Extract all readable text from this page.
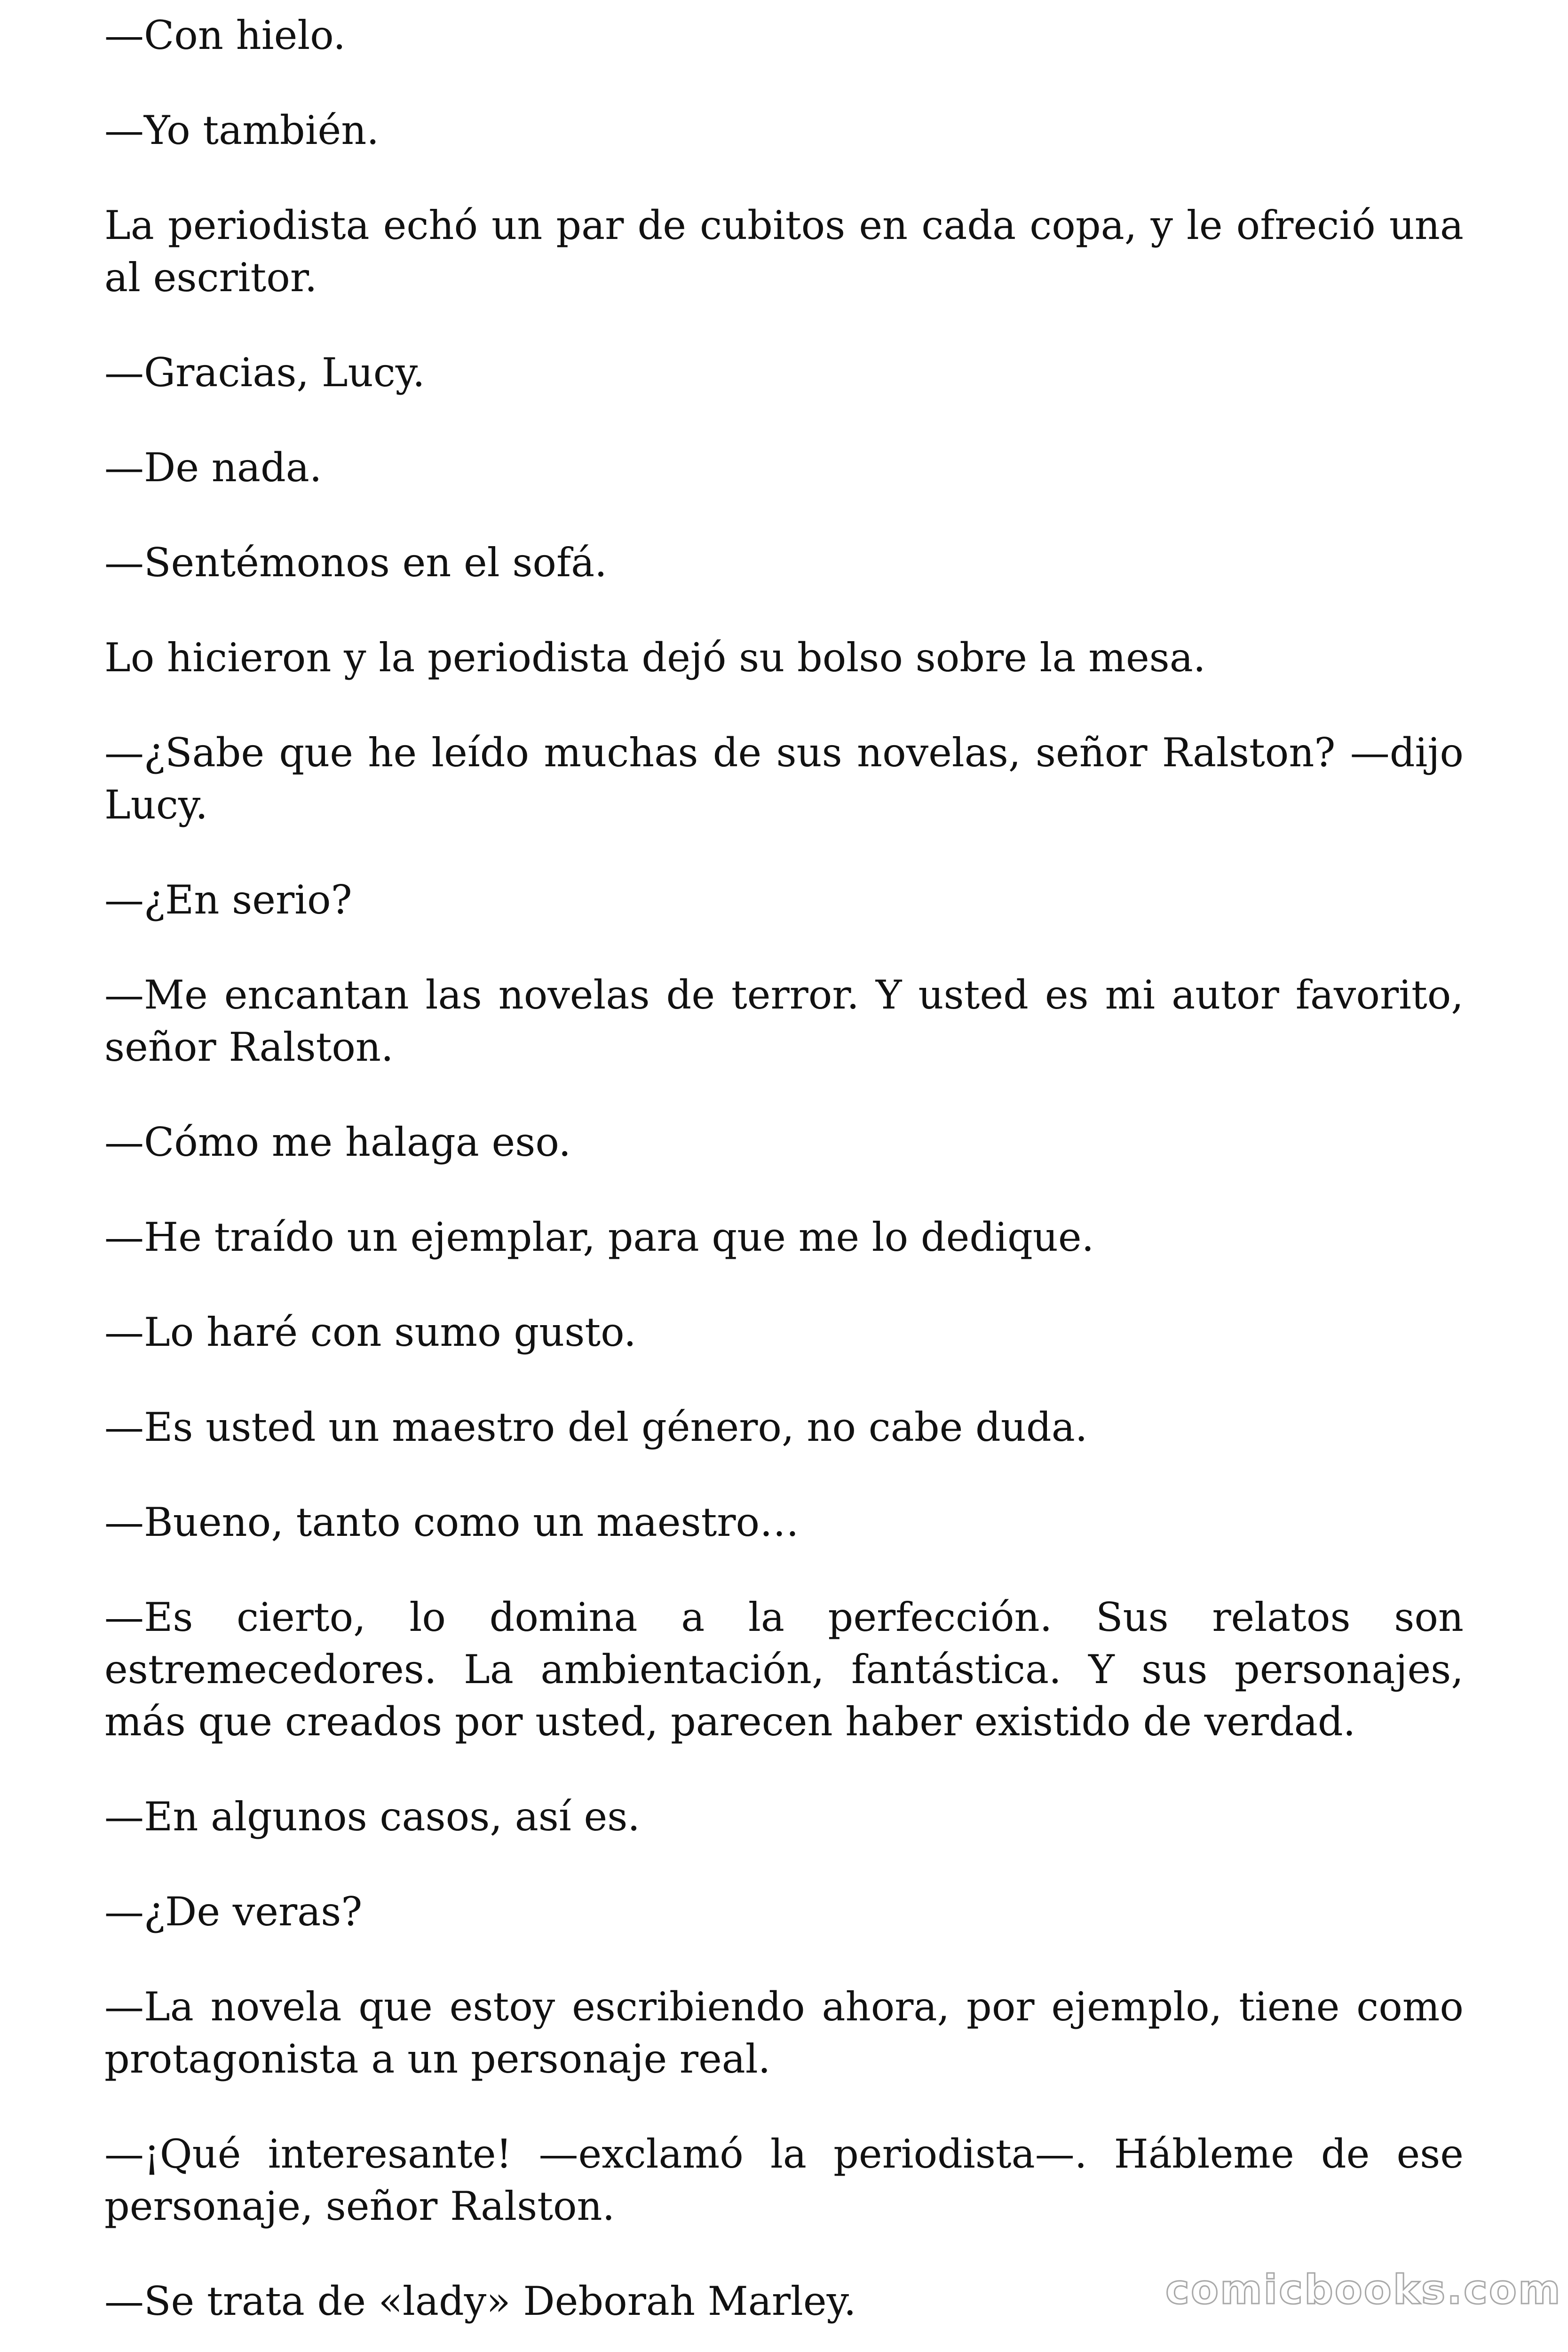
—Con hielo.

—Yo también.

La periodista echó un par de cubitos en cada copa, y le ofreció una al escritor.

—Gracias, Lucy.

—De nada.

—Sentémonos en el sofá.

Lo hicieron y la periodista dejó su bolso sobre la mesa.

—¿Sabe que he leído muchas de sus novelas, señor Ralston? —dijo Lucy.

—¿En serio?

—Me encantan las novelas de terror. Y usted es mi autor favorito, señor Ralston.

—Cómo me halaga eso.

—He traído un ejemplar, para que me lo dedique.

—Lo haré con sumo gusto.

—Es usted un maestro del género, no cabe duda.

—Bueno, tanto como un maestro…

—Es cierto, lo domina a la perfección. Sus relatos son estremecedores. La ambientación, fantástica. Y sus personajes, más que creados por usted, parecen haber existido de verdad.

—En algunos casos, así es.

—¿De veras?

—La novela que estoy escribiendo ahora, por ejemplo, tiene como protagonista a un personaje real.

—¡Qué interesante! —exclamó la periodista—. Hábleme de ese personaje, señor Ralston.

—Se trata de «lady» Deborah Marley.	comicbooks.com
